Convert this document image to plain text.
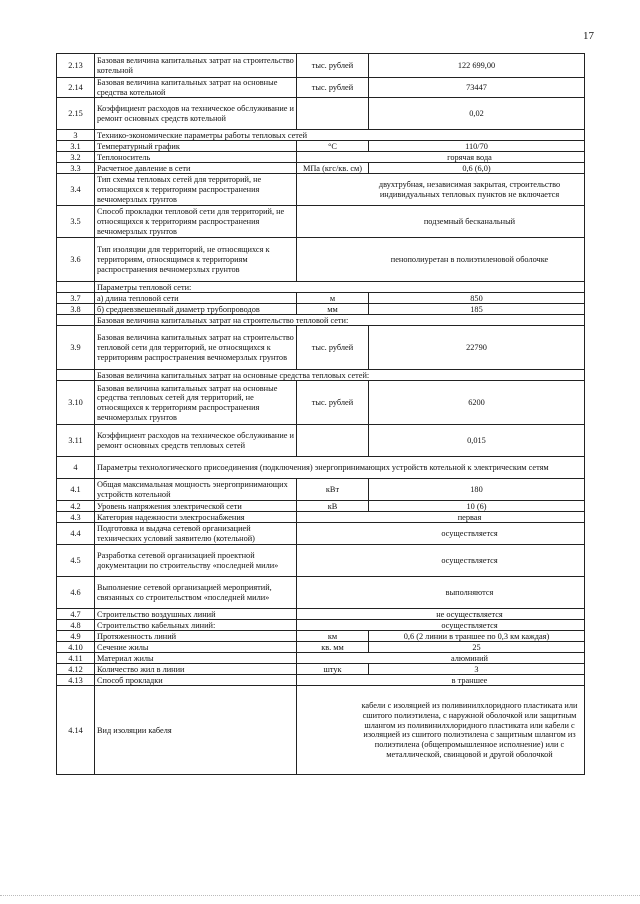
17
2.13	Базовая величина капитальных затрат на строительство котельной	тыс. рублей	122 699,00
2.14	Базовая величина капитальных затрат на основные средства котельной	тыс. рублей	73447
2.15	Коэффициент расходов на техническое обслуживание и ремонт основных средств котельной		0,02
3	Технико-экономические параметры работы тепловых сетей		
3.1	Температурный график	°С	110/70
3.2	Теплоноситель	горячая вода	
3.3	Расчетное давление в сети	МПа (кгс/кв. см)	0,6 (6,0)
3.4	Тип схемы тепловых сетей для территорий, не относящихся к территориям распространения вечномерзлых грунтов	двухтрубная, независимая закрытая, строительство индивидуальных тепловых пунктов не включается	
3.5	Способ прокладки тепловой сети для территорий, не относящихся к территориям распространения вечномерзлых грунтов	подземный бесканальный	
3.6	Тип изоляции для территорий, не относящихся к территориям, относящимся к территориям распространения вечномерзлых грунтов	пенополиуретан в полиэтиленовой оболочке	
	Параметры тепловой сети:		
3.7	а) длина тепловой сети	м	850
3.8	б) средневзвешенный диаметр трубопроводов	мм	185
	Базовая величина капитальных затрат на строительство тепловой сети:		
3.9	Базовая величина капитальных затрат на строительство тепловой сети для территорий, не относящихся к территориям распространения вечномерзлых грунтов	тыс. рублей	22790
	Базовая величина капитальных затрат на основные средства тепловых сетей:		
3.10	Базовая величина капитальных затрат на основные средства тепловых сетей для территорий, не относящихся к территориям распространения вечномерзлых грунтов	тыс. рублей	6200
3.11	Коэффициент расходов на техническое обслуживание и ремонт основных средств тепловых сетей		0,015
4	Параметры технологического присоединения (подключения) энергопринимающих устройств котельной к электрическим сетям		
4.1	Общая максимальная мощность энергопринимающих устройств котельной	кВт	180
4.2	Уровень напряжения электрической сети	кВ	10 (6)
4.3	Категория надежности электроснабжения	первая	
4.4	Подготовка и выдача сетевой организацией технических условий заявителю (котельной)	осуществляется	
4.5	Разработка сетевой организацией проектной документации по строительству «последней мили»	осуществляется	
4.6	Выполнение сетевой организацией мероприятий, связанных со строительством «последней мили»	выполняются	
4.7	Строительство воздушных линий	не осуществляется	
4.8	Строительство кабельных линий:	осуществляется	
4.9	Протяженность линий	км	0,6 (2 линии в траншее по 0,3 км каждая)
4.10	Сечение жилы	кв. мм	25
4.11	Материал жилы	алюминий	
4.12	Количество жил в линии	штук	3
4.13	Способ прокладки	в траншее	
4.14	Вид изоляции кабеля	кабели с изоляцией из поливинилхлоридного пластиката или сшитого полиэтилена, с наружной оболочкой или защитным шлангом из поливинилхлоридного пластиката или кабели с изоляцией из сшитого полиэтилена с защитным шлангом из полиэтилена (общепромышленное исполнение) или с металлической, свинцовой и другой оболочкой	
